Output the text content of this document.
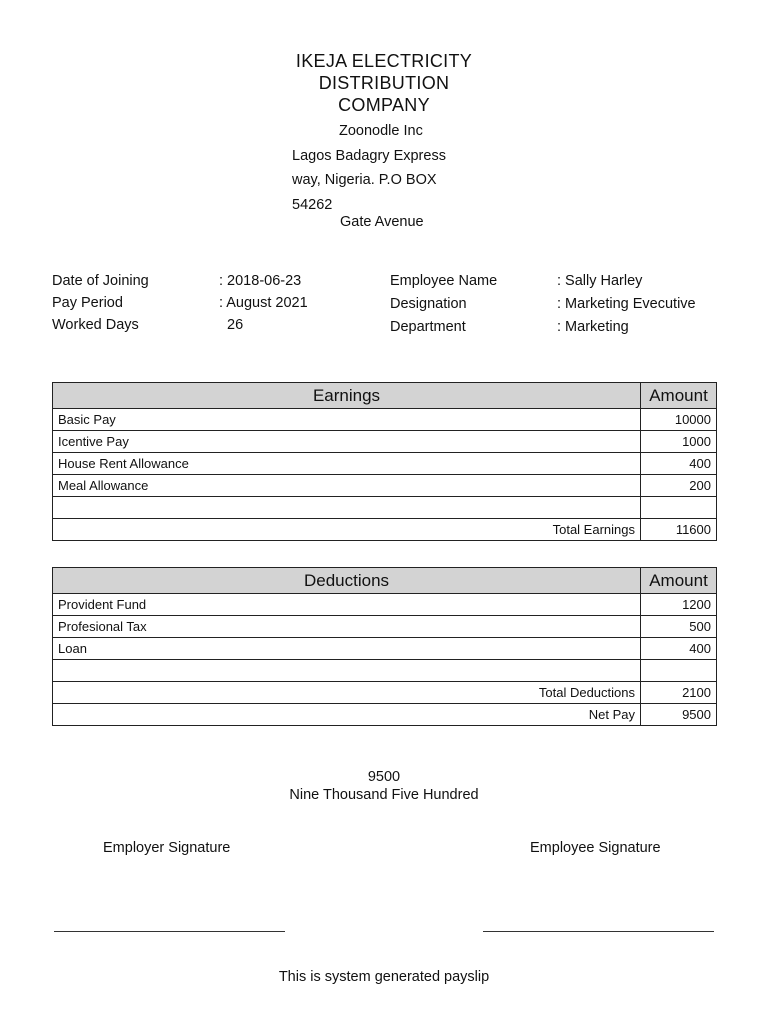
IKEJA ELECTRICITY
DISTRIBUTION
COMPANY
Zoonodle Inc
Lagos Badagry Express
way, Nigeria. P.O BOX
54262
Gate Avenue
Date of Joining	: 2018-06-23
Pay Period	: August 2021
Worked Days	26
Employee Name	: Sally Harley
Designation	: Marketing Evecutive
Department	: Marketing
Earnings	Amount
Basic Pay	10000
Icentive Pay	1000
House Rent Allowance	400
Meal Allowance	200

Total Earnings	11600
Deductions	Amount
Provident Fund	1200
Profesional Tax	500
Loan	400

Total Deductions	2100
Net Pay	9500
9500
Nine Thousand Five Hundred
Employer Signature	Employee Signature
This is system generated payslip
